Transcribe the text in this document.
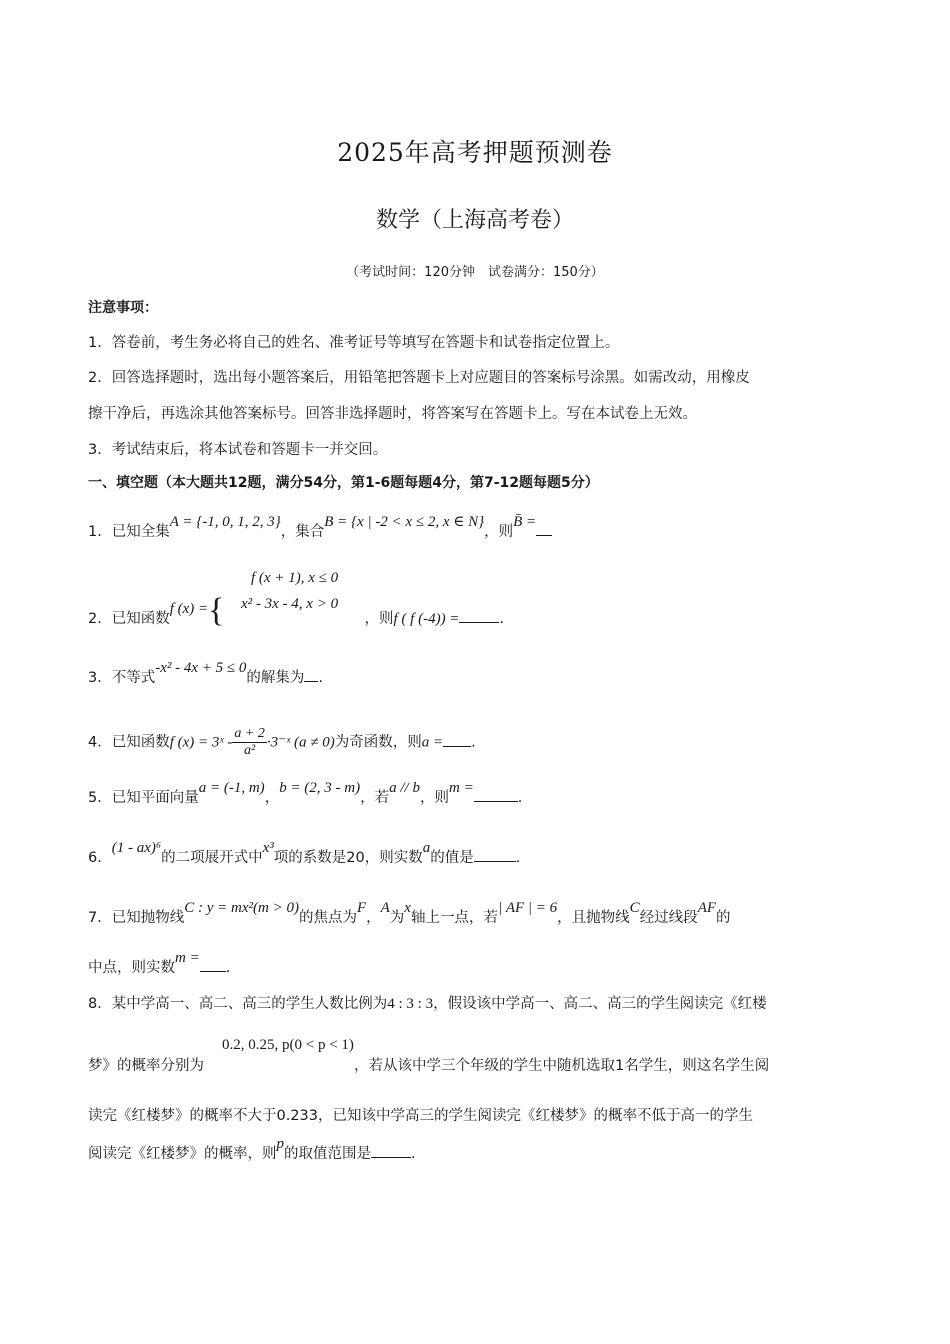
2025年高考押题预测卷
数学（上海高考卷）
（考试时间：120分钟　试卷满分：150分）
注意事项：
1．答卷前，考生务必将自己的姓名、准考证号等填写在答题卡和试卷指定位置上。
2．回答选择题时，选出每小题答案后，用铅笔把答题卡上对应题目的答案标号涂黑。如需改动，用橡皮
擦干净后，再选涂其他答案标号。回答非选择题时，将答案写在答题卡上。写在本试卷上无效。
3．考试结束后，将本试卷和答题卡一并交回。
一、填空题（本大题共12题，满分54分，第1-6题每题4分，第7-12题每题5分）
1．已知全集A = {-1, 0, 1, 2, 3}，集合B = {x | -2 < x ≤ 2, x ∈ N}，则B̄ =
2．已知函数f (x) ={	，则f ( f (-4)) =	.
f (x + 1), x ≤ 0
x² - 3x - 4, x > 0
3．不等式-x² - 4x + 5 ≤ 0的解集为 .
4．已知函数f (x) = 3ˣ - $\frac{a + 2}{\text{a²}}$ ·3⁻ˣ (a ≠ 0)为奇函数，则a = .
5．已知平面向量a = (-1, m)，b = (2, 3 - m)，若a // b，则m =.
6．(1 - ax)⁶的二项展开式中x³项的系数是20，则实数a的值是	.
7．已知抛物线C : y = mx²(m > 0)的焦点为F，A为x轴上一点，若| AF | = 6，且抛物线C经过线段AF的
中点，则实数m =.
8．某中学高一、高二、高三的学生人数比例为4 : 3 : 3，假设该中学高一、高二、高三的学生阅读完《红楼
梦》的概率分别为	，若从该中学三个年级的学生中随机选取1名学生，则这名学生阅
0.2, 0.25, p(0 < p < 1)
读完《红楼梦》的概率不大于0.233，已知该中学高三的学生阅读完《红楼梦》的概率不低于高一的学生
阅读完《红楼梦》的概率，则p的取值范围是	.
